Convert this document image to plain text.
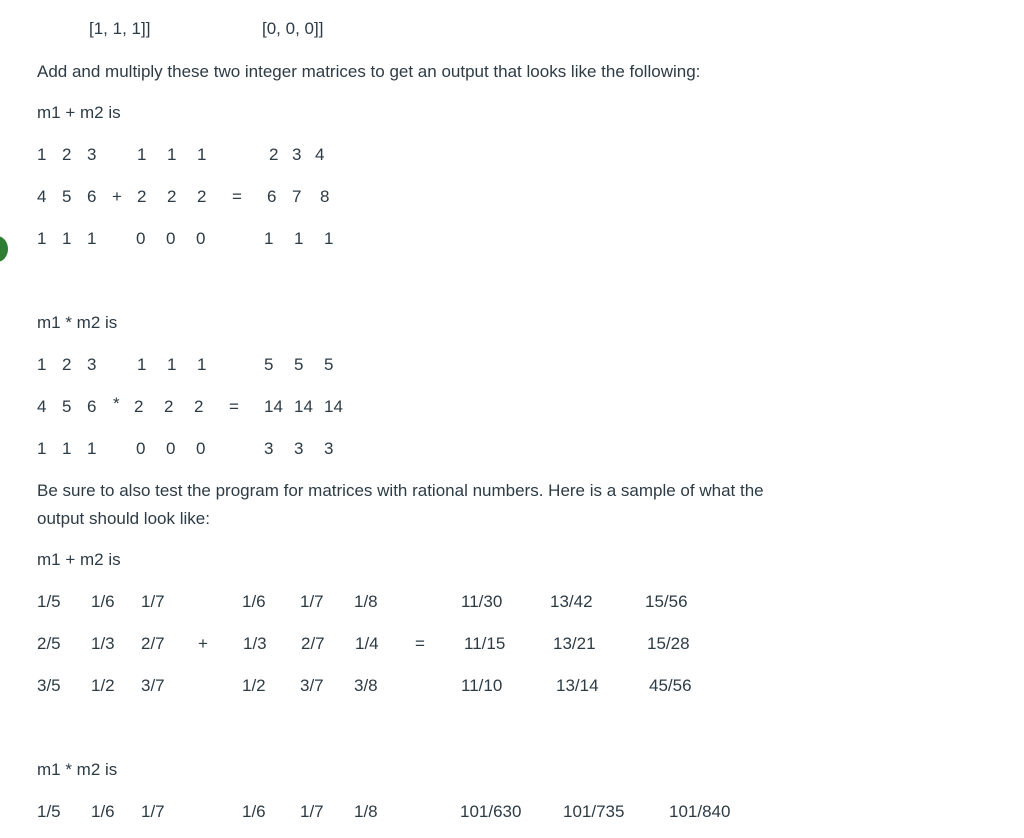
[1, 1, 1]]	[0, 0, 0]]
Add and multiply these two integer matrices to get an output that looks like the following:
m1 + m2 is
1 2 3 1 1 1	2 3 4
4 5 6 + 2 2 2 = 6 7 8
1 1 1 0 0 0	1 1 1
m1 * m2 is
1 2 3 1 1 1	5 5 5
4 5 6 * 2 2 2 = 14 14 14
1 1 1 0 0 0	3 3 3
Be sure to also test the program for matrices with rational numbers. Here is a sample of what the output should look like:
m1 + m2 is
1/5 1/6 1/7	1/6 1/7 1/8	11/30	13/42	15/56
2/5 1/3 2/7 + 1/3 2/7 1/4 = 11/15	13/21	15/28
3/5 1/2 3/7	1/2 3/7 3/8	11/10	13/14	45/56
m1 * m2 is
1/5 1/6 1/7	1/6 1/7 1/8	101/630 101/735	101/840
